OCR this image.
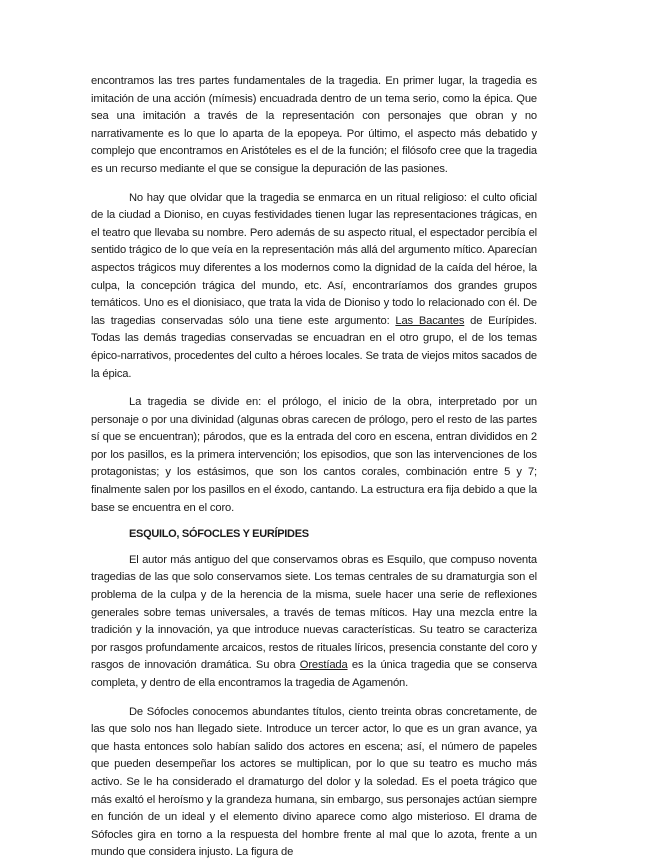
encontramos las tres partes fundamentales de la tragedia. En primer lugar, la tragedia es imitación de una acción (mímesis) encuadrada dentro de un tema serio, como la épica. Que sea una imitación a través de la representación con personajes que obran y no narrativamente es lo que lo aparta de la epopeya. Por último, el aspecto más debatido y complejo que encontramos en Aristóteles es el de la función; el filósofo cree que la tragedia es un recurso mediante el que se consigue la depuración de las pasiones.

No hay que olvidar que la tragedia se enmarca en un ritual religioso: el culto oficial de la ciudad a Dioniso, en cuyas festividades tienen lugar las representaciones trágicas, en el teatro que llevaba su nombre. Pero además de su aspecto ritual, el espectador percibía el sentido trágico de lo que veía en la representación más allá del argumento mítico. Aparecían aspectos trágicos muy diferentes a los modernos como la dignidad de la caída del héroe, la culpa, la concepción trágica del mundo, etc. Así, encontraríamos dos grandes grupos temáticos. Uno es el dionisiaco, que trata la vida de Dioniso y todo lo relacionado con él. De las tragedias conservadas sólo una tiene este argumento: Las Bacantes de Eurípides. Todas las demás tragedias conservadas se encuadran en el otro grupo, el de los temas épico-narrativos, procedentes del culto a héroes locales. Se trata de viejos mitos sacados de la épica.

La tragedia se divide en: el prólogo, el inicio de la obra, interpretado por un personaje o por una divinidad (algunas obras carecen de prólogo, pero el resto de las partes sí que se encuentran); párodos, que es la entrada del coro en escena, entran divididos en 2 por los pasillos, es la primera intervención; los episodios, que son las intervenciones de los protagonistas; y los estásimos, que son los cantos corales, combinación entre 5 y 7; finalmente salen por los pasillos en el éxodo, cantando. La estructura era fija debido a que la base se encuentra en el coro.

ESQUILO, SÓFOCLES Y EURÍPIDES

El autor más antiguo del que conservamos obras es Esquilo, que compuso noventa tragedias de las que solo conservamos siete. Los temas centrales de su dramaturgia son el problema de la culpa y de la herencia de la misma, suele hacer una serie de reflexiones generales sobre temas universales, a través de temas míticos. Hay una mezcla entre la tradición y la innovación, ya que introduce nuevas características. Su teatro se caracteriza por rasgos profundamente arcaicos, restos de rituales líricos, presencia constante del coro y rasgos de innovación dramática. Su obra Orestíada es la única tragedia que se conserva completa, y dentro de ella encontramos la tragedia de Agamenón.

De Sófocles conocemos abundantes títulos, ciento treinta obras concretamente, de las que solo nos han llegado siete. Introduce un tercer actor, lo que es un gran avance, ya que hasta entonces solo habían salido dos actores en escena; así, el número de papeles que pueden desempeñar los actores se multiplican, por lo que su teatro es mucho más activo. Se le ha considerado el dramaturgo del dolor y la soledad. Es el poeta trágico que más exaltó el heroísmo y la grandeza humana, sin embargo, sus personajes actúan siempre en función de un ideal y el elemento divino aparece como algo misterioso. El drama de Sófocles gira en torno a la respuesta del hombre frente al mal que lo azota, frente a un mundo que considera injusto. La figura de
